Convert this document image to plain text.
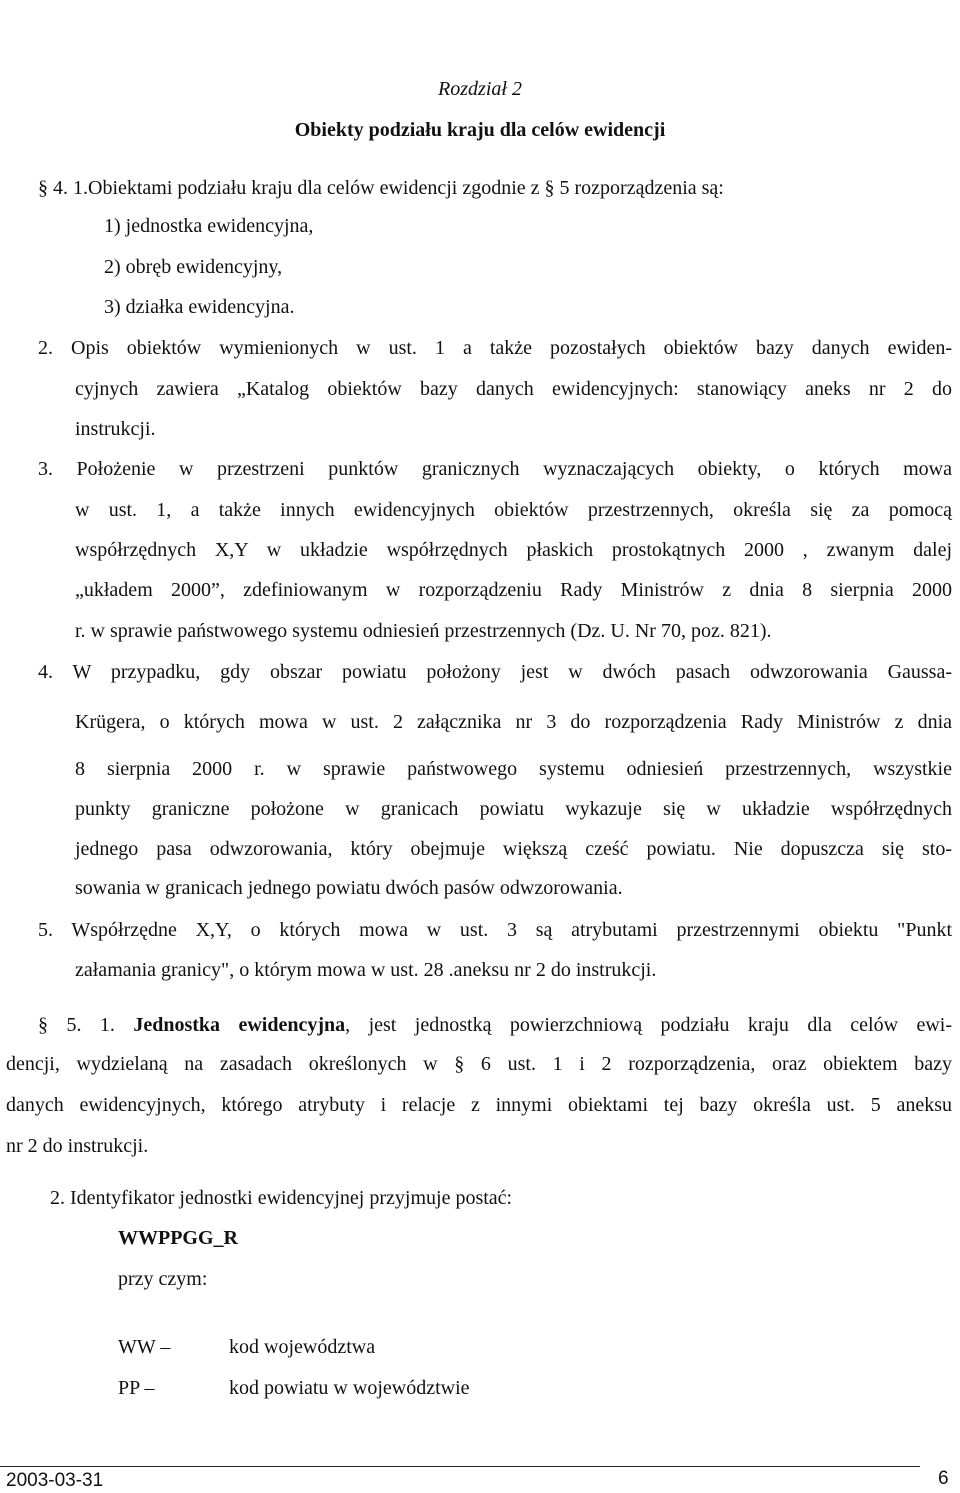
Rozdział 2
Obiekty podziału kraju dla celów ewidencji
§ 4. 1.Obiektami podziału kraju dla celów ewidencji zgodnie z § 5 rozporządzenia są:
1) jednostka ewidencyjna,
2) obręb ewidencyjny,
3) działka ewidencyjna.
2. Opis obiektów wymienionych w ust. 1 a także pozostałych obiektów bazy danych ewiden-
cyjnych zawiera „Katalog obiektów bazy danych ewidencyjnych: stanowiący aneks nr 2 do
instrukcji.
3. Położenie w przestrzeni punktów granicznych wyznaczających obiekty, o których mowa
w ust. 1, a także innych ewidencyjnych obiektów przestrzennych, określa się za pomocą
współrzędnych X,Y w układzie współrzędnych płaskich prostokątnych 2000 , zwanym dalej
„układem 2000”, zdefiniowanym w rozporządzeniu Rady Ministrów z dnia 8 sierpnia 2000
r. w sprawie państwowego systemu odniesień przestrzennych (Dz. U. Nr 70, poz. 821).
4. W przypadku, gdy obszar powiatu położony jest w dwóch pasach odwzorowania Gaussa-
Krügera, o których mowa w ust. 2 załącznika nr 3 do rozporządzenia Rady Ministrów z dnia
8 sierpnia 2000 r. w sprawie państwowego systemu odniesień przestrzennych, wszystkie
punkty graniczne położone w granicach powiatu wykazuje się w układzie współrzędnych
jednego pasa odwzorowania, który obejmuje większą cześć powiatu. Nie dopuszcza się sto-
sowania w granicach jednego powiatu dwóch pasów odwzorowania.
5. Współrzędne X,Y, o których mowa w ust. 3 są atrybutami przestrzennymi obiektu "Punkt
załamania granicy", o którym mowa w ust. 28 .aneksu nr 2 do instrukcji.
§ 5. 1. Jednostka ewidencyjna, jest jednostką powierzchniową podziału kraju dla celów ewi-
dencji, wydzielaną na zasadach określonych w § 6 ust. 1 i 2 rozporządzenia, oraz obiektem bazy
danych ewidencyjnych, którego atrybuty i relacje z innymi obiektami tej bazy określa ust. 5 aneksu
nr 2 do instrukcji.
2. Identyfikator jednostki ewidencyjnej przyjmuje postać:
WWPPGG_R
przy czym:
WW –	kod województwa
PP –	kod powiatu w województwie
2003-03-31	6
